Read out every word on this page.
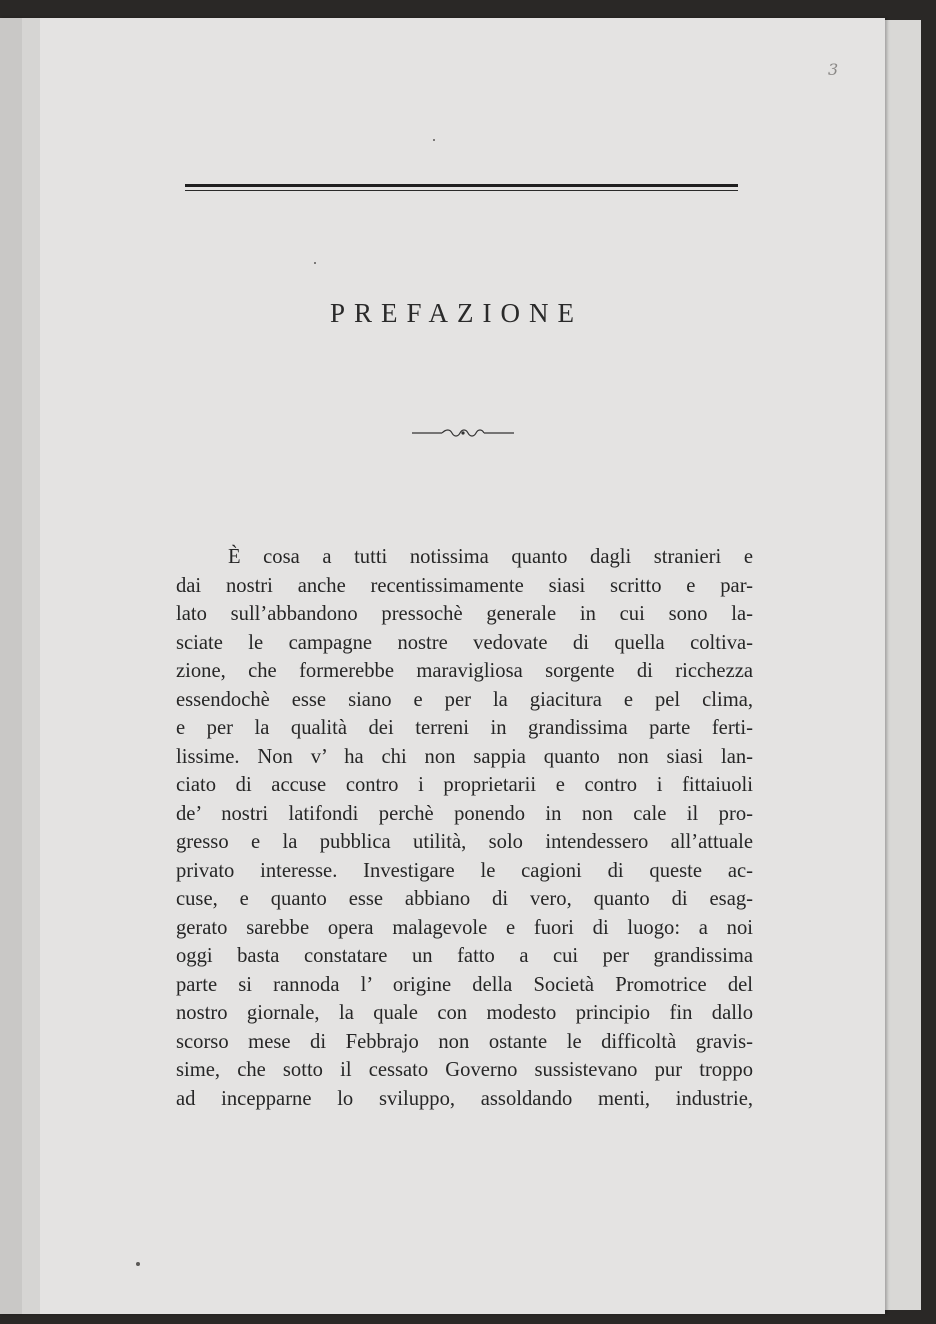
3
PREFAZIONE
È cosa a tutti notissima quanto dagli stranieri e
dai nostri anche recentissimamente siasi scritto e par-
lato sull’abbandono pressochè generale in cui sono la-
sciate le campagne nostre vedovate di quella coltiva-
zione, che formerebbe maravigliosa sorgente di ricchezza
essendochè esse siano e per la giacitura e pel clima,
e per la qualità dei terreni in grandissima parte ferti-
lissime. Non v’ ha chi non sappia quanto non siasi lan-
ciato di accuse contro i proprietarii e contro i fittaiuoli
de’ nostri latifondi perchè ponendo in non cale il pro-
gresso e la pubblica utilità, solo intendessero all’attuale
privato interesse. Investigare le cagioni di queste ac-
cuse, e quanto esse abbiano di vero, quanto di esag-
gerato sarebbe opera malagevole e fuori di luogo: a noi
oggi basta constatare un fatto a cui per grandissima
parte si rannoda l’ origine della Società Promotrice del
nostro giornale, la quale con modesto principio fin dallo
scorso mese di Febbrajo non ostante le difficoltà gravis-
sime, che sotto il cessato Governo sussistevano pur troppo
ad incepparne lo sviluppo, assoldando menti, industrie,
